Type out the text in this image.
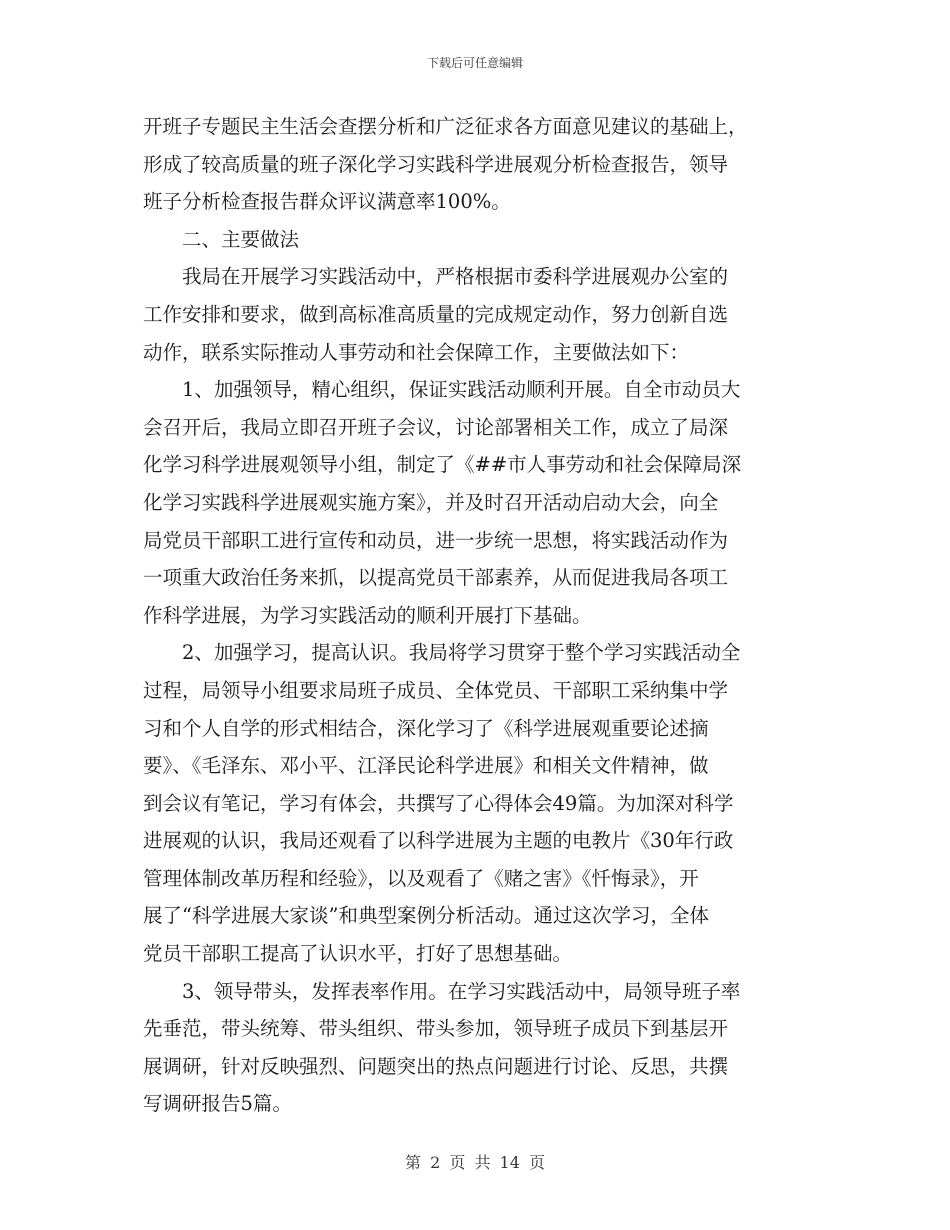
下载后可任意编辑
开班子专题民主生活会查摆分析和广泛征求各方面意见建议的基础上，
形成了较高质量的班子深化学习实践科学进展观分析检查报告，领导
班子分析检查报告群众评议满意率100%。
二、主要做法
我局在开展学习实践活动中，严格根据市委科学进展观办公室的
工作安排和要求，做到高标准高质量的完成规定动作，努力创新自选
动作，联系实际推动人事劳动和社会保障工作，主要做法如下：
1、加强领导，精心组织，保证实践活动顺利开展。自全市动员大
会召开后，我局立即召开班子会议，讨论部署相关工作，成立了局深
化学习科学进展观领导小组，制定了《##市人事劳动和社会保障局深
化学习实践科学进展观实施方案》，并及时召开活动启动大会，向全
局党员干部职工进行宣传和动员，进一步统一思想，将实践活动作为
一项重大政治任务来抓，以提高党员干部素养，从而促进我局各项工
作科学进展，为学习实践活动的顺利开展打下基础。
2、加强学习，提高认识。我局将学习贯穿于整个学习实践活动全
过程，局领导小组要求局班子成员、全体党员、干部职工采纳集中学
习和个人自学的形式相结合，深化学习了《科学进展观重要论述摘
要》、《毛泽东、邓小平、江泽民论科学进展》和相关文件精神，做
到会议有笔记，学习有体会，共撰写了心得体会49篇。为加深对科学
进展观的认识，我局还观看了以科学进展为主题的电教片《30年行政
管理体制改革历程和经验》，以及观看了《赌之害》《忏悔录》，开
展了“科学进展大家谈”和典型案例分析活动。通过这次学习，全体
党员干部职工提高了认识水平，打好了思想基础。
3、领导带头，发挥表率作用。在学习实践活动中，局领导班子率
先垂范，带头统筹、带头组织、带头参加，领导班子成员下到基层开
展调研，针对反映强烈、问题突出的热点问题进行讨论、反思，共撰
写调研报告5篇。
第 2 页 共 14 页
